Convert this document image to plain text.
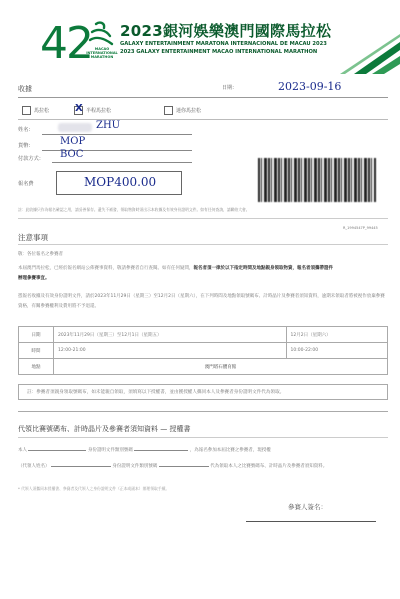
42 MACAO INTERNATIONAL MARATHON
2023銀河娛樂澳門國際馬拉松
GALAXY ENTERTAINMENT MARATONA INTERNACIONAL DE MACAU 2023
2023 GALAXY ENTERTAINMENT MACAO INTERNATIONAL MARATHON
收據	日期：	2023-09-16
馬拉松	X 半程馬拉松	迷你馬拉松
姓名：	ZHU
貨幣：	MOP
付款方式： BOC
報名費	MOP400.00
註：此收據只作為報名確認之用，請妥善保存。遺失不補發，領取物資時須出示本收據及有效身份證明文件。如有任何查詢，請聯絡大會。
R_1994547P_99445
注意事項
敬：各位報名之參賽者
本屆澳門馬拉松，已經於報名網站公佈賽事資料，敬請參賽者自行查閱。如有任何疑問，報名者須一律於以下指定時間及地點親身領取物資，報名者須攜帶證件
辦理參賽事宜。
憑報名收據及有效身份證明文件，請於2023年11月29日（星期三）至12月2日（星期六），在下列時間及地點領取號碼布、計時晶片及參賽者須知資料，逾期未領取者將被視作放棄參賽資格，有關參賽權利及費用將不予退還。
日期	2023年11月29日（星期三）至12月1日（星期五）	12月2日（星期六）
時間	12:00-21:00	10:00-22:00
地點	澳門塔石體育館	
註：參賽者須親身領取號碼布，如未能親自領取，須填寫以下授權書，並由獲授權人攜同本人及參賽者身份證明文件代為領取。
代領比賽號碼布、計時晶片及參賽者須知資料 — 授權書
本人	身份證明文件類別號碼	，為報名參加本屆比賽之參賽者，現授權
（代領人姓名）	身份證明文件類別號碼	代為領取本人之比賽號碼布、計時晶片及參賽者須知資料。
* 代領人須攜同本授權書、參賽者及代領人之身份證明文件（正本或副本）辦理領取手續。
參賽人簽名：
